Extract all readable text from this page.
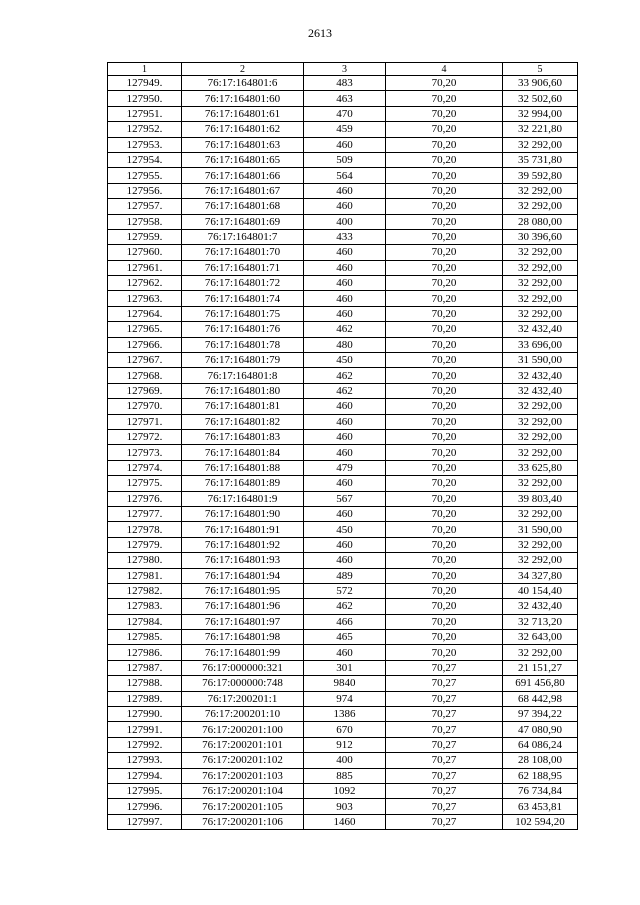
2613
1	2	3	4	5
127949.	76:17:164801:6	483	70,20	33 906,60
127950.	76:17:164801:60	463	70,20	32 502,60
127951.	76:17:164801:61	470	70,20	32 994,00
127952.	76:17:164801:62	459	70,20	32 221,80
127953.	76:17:164801:63	460	70,20	32 292,00
127954.	76:17:164801:65	509	70,20	35 731,80
127955.	76:17:164801:66	564	70,20	39 592,80
127956.	76:17:164801:67	460	70,20	32 292,00
127957.	76:17:164801:68	460	70,20	32 292,00
127958.	76:17:164801:69	400	70,20	28 080,00
127959.	76:17:164801:7	433	70,20	30 396,60
127960.	76:17:164801:70	460	70,20	32 292,00
127961.	76:17:164801:71	460	70,20	32 292,00
127962.	76:17:164801:72	460	70,20	32 292,00
127963.	76:17:164801:74	460	70,20	32 292,00
127964.	76:17:164801:75	460	70,20	32 292,00
127965.	76:17:164801:76	462	70,20	32 432,40
127966.	76:17:164801:78	480	70,20	33 696,00
127967.	76:17:164801:79	450	70,20	31 590,00
127968.	76:17:164801:8	462	70,20	32 432,40
127969.	76:17:164801:80	462	70,20	32 432,40
127970.	76:17:164801:81	460	70,20	32 292,00
127971.	76:17:164801:82	460	70,20	32 292,00
127972.	76:17:164801:83	460	70,20	32 292,00
127973.	76:17:164801:84	460	70,20	32 292,00
127974.	76:17:164801:88	479	70,20	33 625,80
127975.	76:17:164801:89	460	70,20	32 292,00
127976.	76:17:164801:9	567	70,20	39 803,40
127977.	76:17:164801:90	460	70,20	32 292,00
127978.	76:17:164801:91	450	70,20	31 590,00
127979.	76:17:164801:92	460	70,20	32 292,00
127980.	76:17:164801:93	460	70,20	32 292,00
127981.	76:17:164801:94	489	70,20	34 327,80
127982.	76:17:164801:95	572	70,20	40 154,40
127983.	76:17:164801:96	462	70,20	32 432,40
127984.	76:17:164801:97	466	70,20	32 713,20
127985.	76:17:164801:98	465	70,20	32 643,00
127986.	76:17:164801:99	460	70,20	32 292,00
127987.	76:17:000000:321	301	70,27	21 151,27
127988.	76:17:000000:748	9840	70,27	691 456,80
127989.	76:17:200201:1	974	70,27	68 442,98
127990.	76:17:200201:10	1386	70,27	97 394,22
127991.	76:17:200201:100	670	70,27	47 080,90
127992.	76:17:200201:101	912	70,27	64 086,24
127993.	76:17:200201:102	400	70,27	28 108,00
127994.	76:17:200201:103	885	70,27	62 188,95
127995.	76:17:200201:104	1092	70,27	76 734,84
127996.	76:17:200201:105	903	70,27	63 453,81
127997.	76:17:200201:106	1460	70,27	102 594,20
